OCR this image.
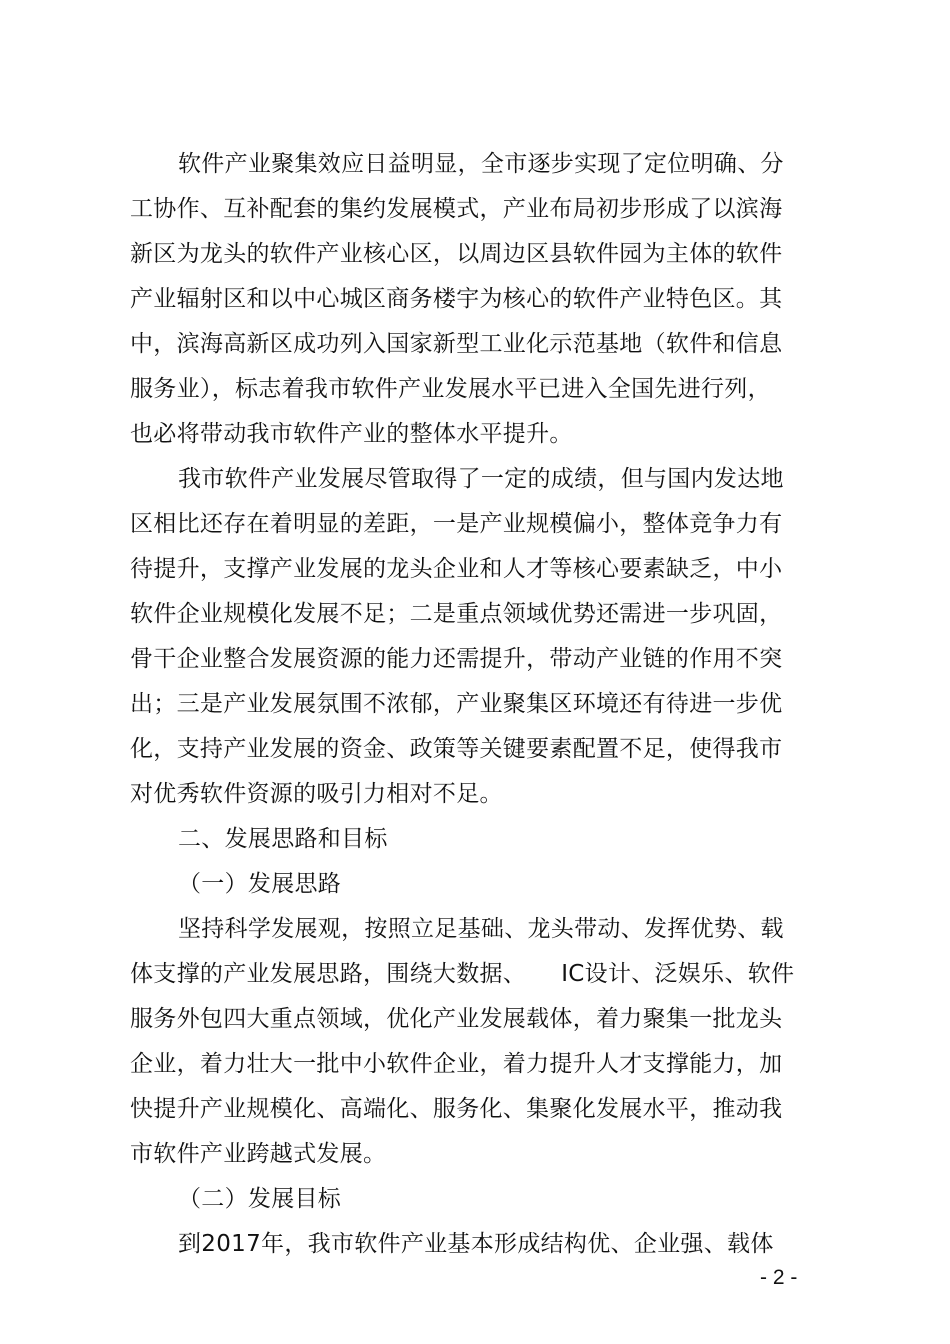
软件产业聚集效应日益明显，全市逐步实现了定位明确、分
工协作、互补配套的集约发展模式，产业布局初步形成了以滨海
新区为龙头的软件产业核心区，以周边区县软件园为主体的软件
产业辐射区和以中心城区商务楼宇为核心的软件产业特色区。其
中，滨海高新区成功列入国家新型工业化示范基地（软件和信息
服务业），标志着我市软件产业发展水平已进入全国先进行列，
也必将带动我市软件产业的整体水平提升。
我市软件产业发展尽管取得了一定的成绩，但与国内发达地
区相比还存在着明显的差距，一是产业规模偏小，整体竞争力有
待提升，支撑产业发展的龙头企业和人才等核心要素缺乏，中小
软件企业规模化发展不足；二是重点领域优势还需进一步巩固，
骨干企业整合发展资源的能力还需提升，带动产业链的作用不突
出；三是产业发展氛围不浓郁，产业聚集区环境还有待进一步优
化，支持产业发展的资金、政策等关键要素配置不足，使得我市
对优秀软件资源的吸引力相对不足。
二、发展思路和目标
（一）发展思路
坚持科学发展观，按照立足基础、龙头带动、发挥优势、载
体支撑的产业发展思路，围绕大数据、　　IC设计、泛娱乐、软件
服务外包四大重点领域，优化产业发展载体，着力聚集一批龙头
企业，着力壮大一批中小软件企业，着力提升人才支撑能力，加
快提升产业规模化、高端化、服务化、集聚化发展水平，推动我
市软件产业跨越式发展。
（二）发展目标
到2017年，我市软件产业基本形成结构优、企业强、载体
- 2 -
